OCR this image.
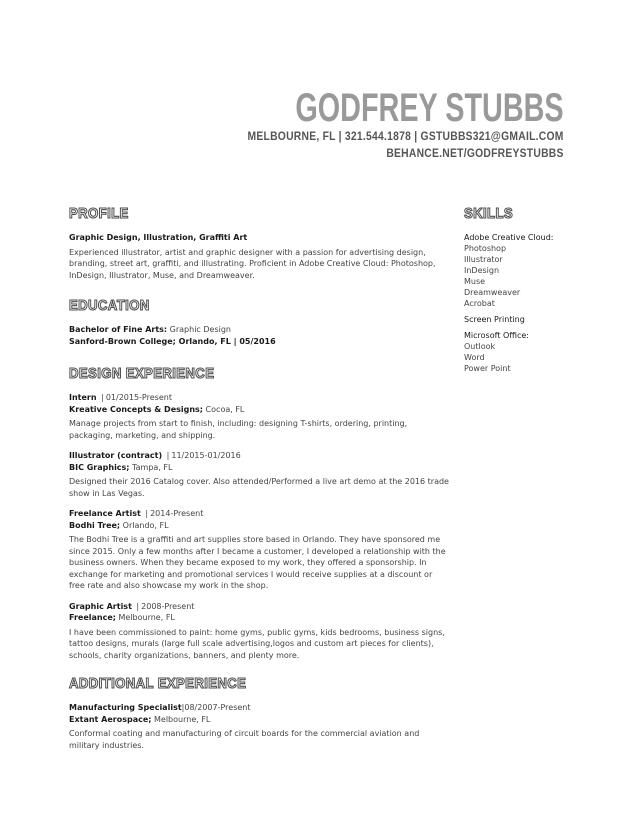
GODFREY STUBBS
MELBOURNE, FL | 321.544.1878 | GSTUBBS321@GMAIL.COM
BEHANCE.NET/GODFREYSTUBBS
PROFILE
Graphic Design, Illustration, Graffiti Art
Experienced illustrator, artist and graphic designer with a passion for advertising design, branding, street art, graffiti, and illustrating. Proficient in Adobe Creative Cloud: Photoshop, InDesign, Illustrator, Muse, and Dreamweaver.
EDUCATION
Bachelor of Fine Arts: Graphic Design
Sanford-Brown College; Orlando, FL | 05/2016
DESIGN EXPERIENCE
Intern | 01/2015-Present
Kreative Concepts & Designs; Cocoa, FL
Manage projects from start to finish, including: designing T-shirts, ordering, printing, packaging, marketing, and shipping.
Illustrator (contract) | 11/2015-01/2016
BIC Graphics; Tampa, FL
Designed their 2016 Catalog cover. Also attended/Performed a live art demo at the 2016 trade show in Las Vegas.
Freelance Artist | 2014-Present
Bodhi Tree; Orlando, FL
The Bodhi Tree is a graffiti and art supplies store based in Orlando. They have sponsored me since 2015. Only a few months after I became a customer, I developed a relationship with the business owners. When they became exposed to my work, they offered a sponsorship. In exchange for marketing and promotional services I would receive supplies at a discount or free rate and also showcase my work in the shop.
Graphic Artist | 2008-Present
Freelance; Melbourne, FL
I have been commissioned to paint: home gyms, public gyms, kids bedrooms, business signs, tattoo designs, murals (large full scale advertising,logos and custom art pieces for clients), schools, charity organizations, banners, and plenty more.
ADDITIONAL EXPERIENCE
Manufacturing Specialist|08/2007-Present
Extant Aerospace; Melbourne, FL
Conformal coating and manufacturing of circuit boards for the commercial aviation and military industries.
SKILLS
Adobe Creative Cloud:
Photoshop
Illustrator
InDesign
Muse
Dreamweaver
Acrobat
Screen Printing
Microsoft Office:
Outlook
Word
Power Point
